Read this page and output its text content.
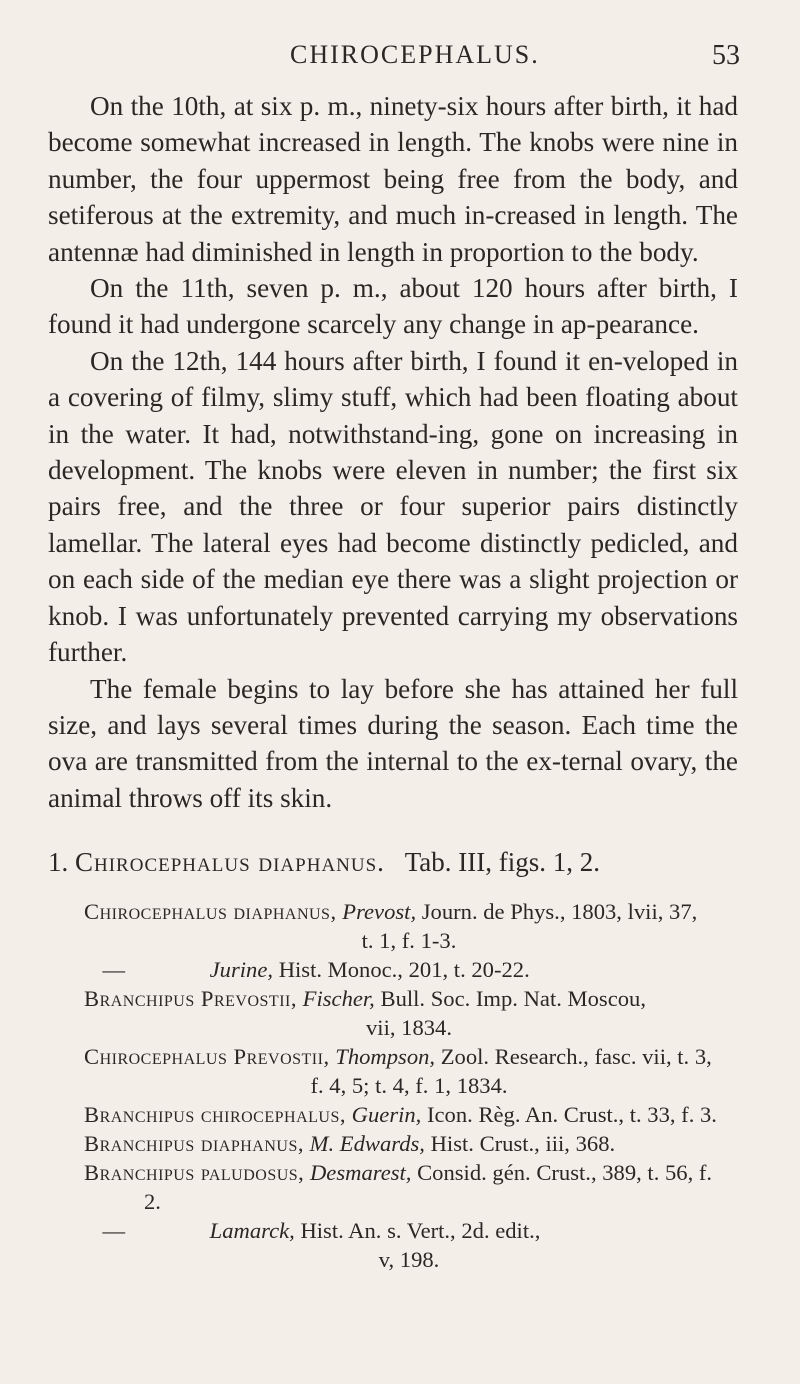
CHIROCEPHALUS.	53

On the 10th, at six p. m., ninety-six hours after birth, it had become somewhat increased in length. The knobs were nine in number, the four uppermost being free from the body, and setiferous at the extremity, and much in-creased in length. The antennæ had diminished in length in proportion to the body.

On the 11th, seven p. m., about 120 hours after birth, I found it had undergone scarcely any change in ap-pearance.

On the 12th, 144 hours after birth, I found it en-veloped in a covering of filmy, slimy stuff, which had been floating about in the water. It had, notwithstand-ing, gone on increasing in development. The knobs were eleven in number; the first six pairs free, and the three or four superior pairs distinctly lamellar. The lateral eyes had become distinctly pedicled, and on each side of the median eye there was a slight projection or knob. I was unfortunately prevented carrying my observations further.

The female begins to lay before she has attained her full size, and lays several times during the season. Each time the ova are transmitted from the internal to the ex-ternal ovary, the animal throws off its skin.

1. Chirocephalus diaphanus. Tab. III, figs. 1, 2.

Chirocephalus diaphanus, Prevost, Journ. de Phys., 1803, lvii, 37,
t. 1, f. 1-3.

—	Jurine, Hist. Monoc., 201, t. 20-22.

Branchipus Prevostii, Fischer, Bull. Soc. Imp. Nat. Moscou,
vii, 1834.

Chirocephalus Prevostii, Thompson, Zool. Research., fasc. vii, t. 3,
f. 4, 5; t. 4, f. 1, 1834.

Branchipus chirocephalus, Guerin, Icon. Règ. An. Crust., t. 33, f. 3.

Branchipus diaphanus, M. Edwards, Hist. Crust., iii, 368.

Branchipus paludosus, Desmarest, Consid. gén. Crust., 389, t. 56, f. 2.

—	Lamarck, Hist. An. s. Vert., 2d. edit.,
v, 198.
